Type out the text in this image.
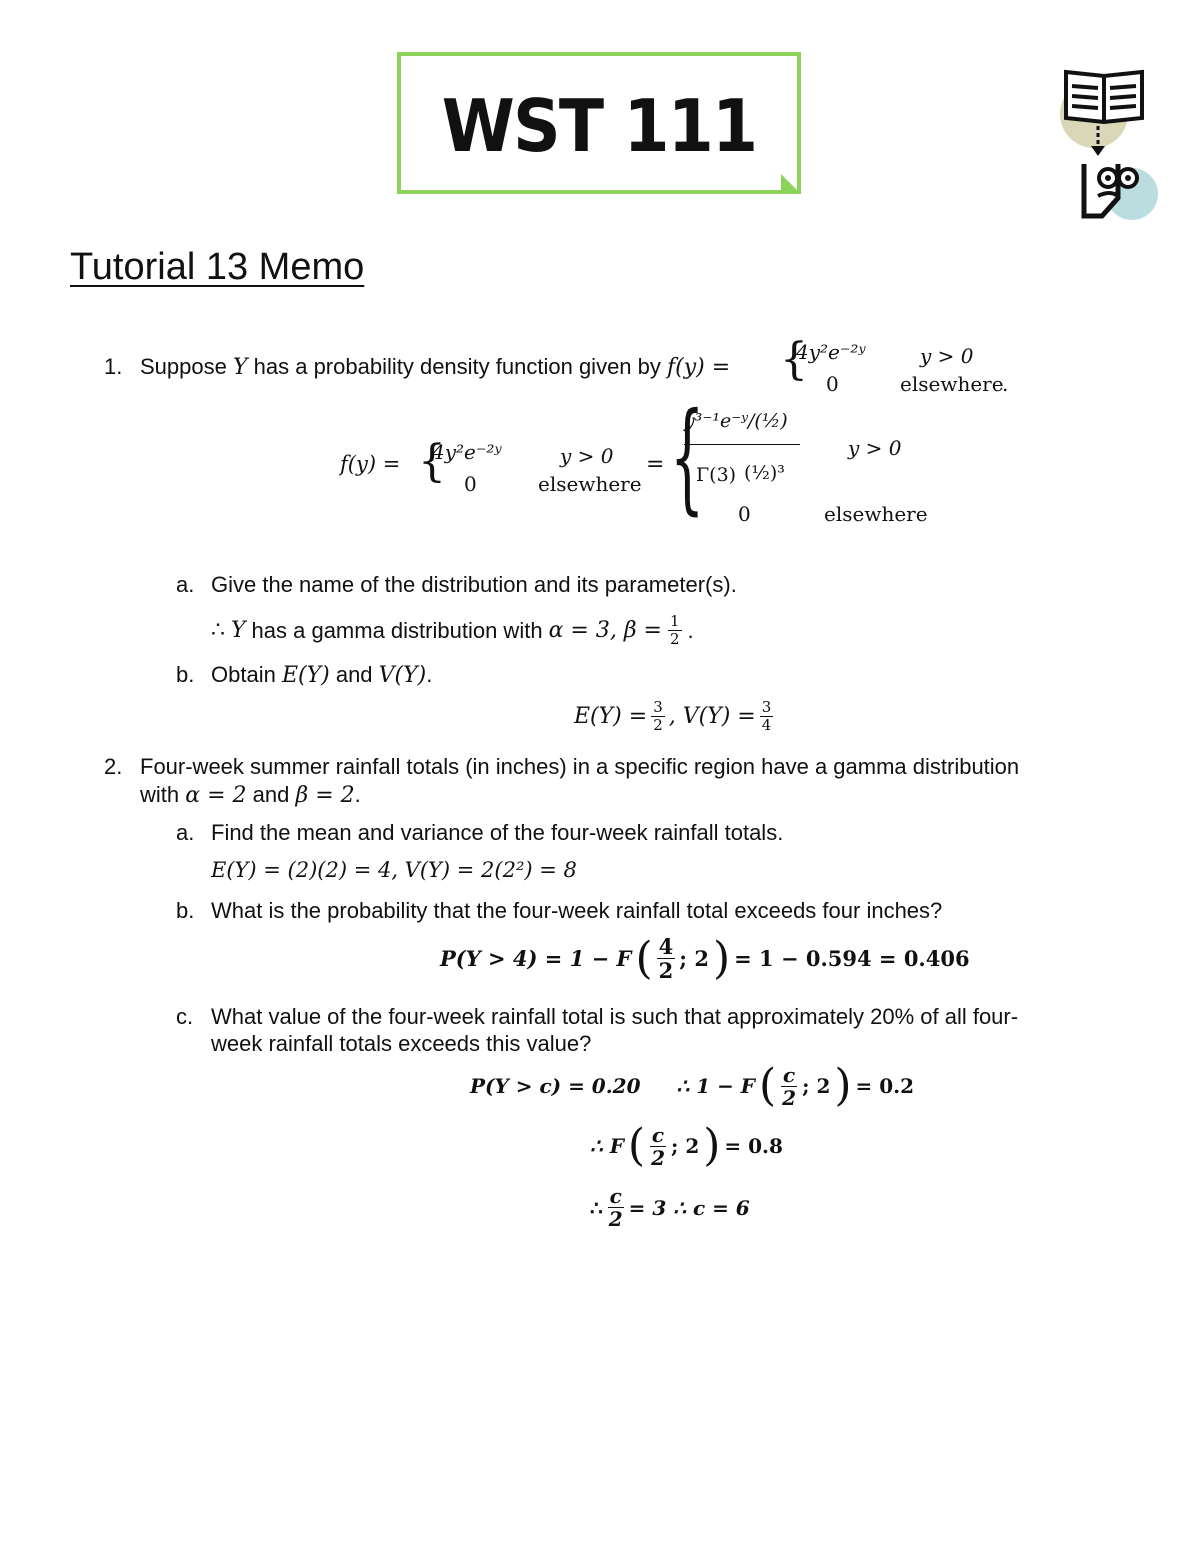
WST 111
Tutorial 13 Memo
1. Suppose Y has a probability density function given by f(y) = {
4y²e⁻²ʸ	y > 0
0	elsewhere
.
f(y) = {
4y²e⁻²ʸ	y > 0
0	elsewhere
= {
y³⁻¹e⁻ʸ/(½)
Γ(3) (½)³
y > 0
0	elsewhere
a. Give the name of the distribution and its parameter(s).
∴ Y has a gamma distribution with α = 3, $\beta = \frac{1}{2}$ .
b. Obtain E(Y) and V(Y).
$E(Y) = \frac{3}{2}$ , $V(Y) = \frac{3}{4}$
2. Four-week summer rainfall totals (in inches) in a specific region have a gamma distribution
with α = 2 and β = 2.
a. Find the mean and variance of the four-week rainfall totals.
E(Y) = (2)(2) = 4, V(Y) = 2(2²) = 8
b. What is the probability that the four-week rainfall total exceeds four inches?
P(Y > 4) = 1 − F ( $\frac{4}{2}$ ; 2 ) = 1 − 0.594 = 0.406
c. What value of the four-week rainfall total is such that approximately 20% of all four-
week rainfall totals exceeds this value?
P(Y > c) = 0.20 ∴ 1 − F ( $\frac{c}{2}$ ; 2 ) = 0.2
∴ F ( $\frac{c}{2}$ ; 2 ) = 0.8
∴ $\frac{c}{2} = 3$ ∴ c = 6
